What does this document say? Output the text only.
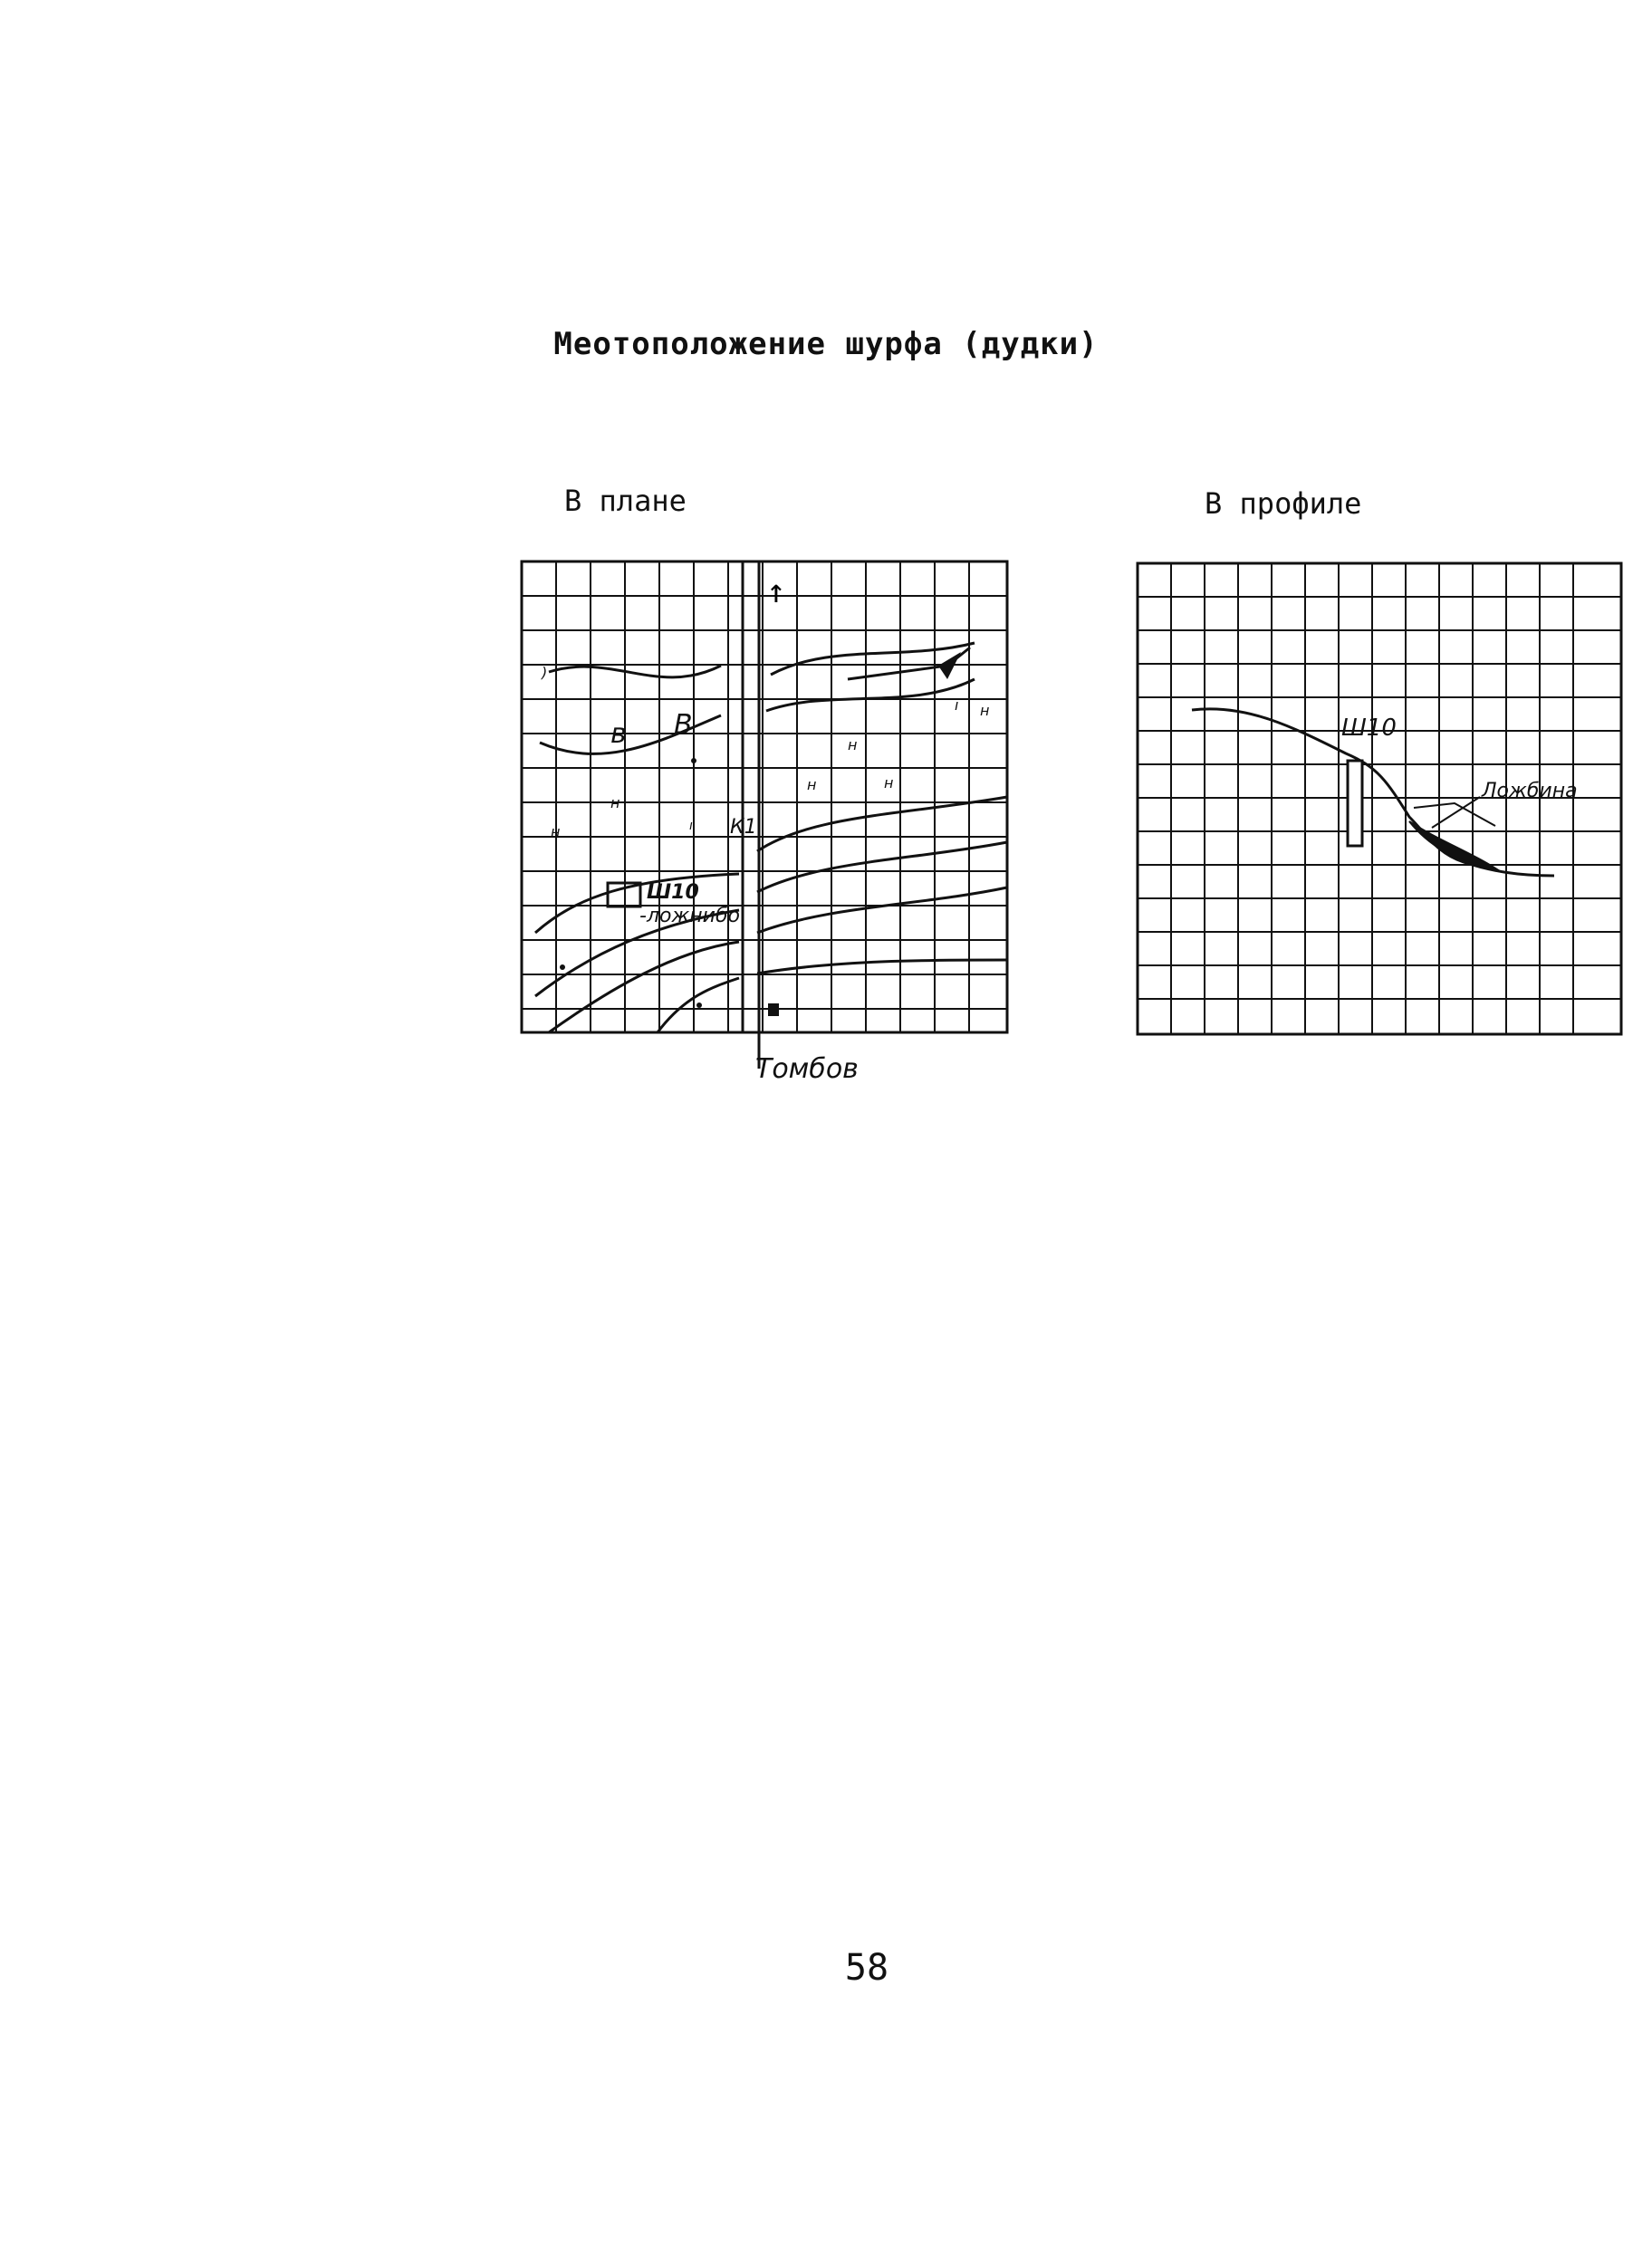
Меотоположение шурфа (дудки)
В плане	В профиле
н
н
ı
н
н	н
н
ı
)
Ш10
-ложнибо
К1
Томбов
в В
↑
Ш10
Ложбина
58
